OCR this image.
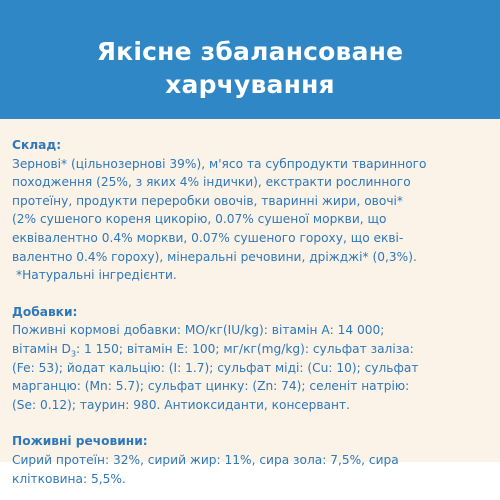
Якісне збалансоване
харчування
Склад:
Зернові* (цільнозернові 39%), м'ясо та субпродукти тваринного
походження (25%, з яких 4% індички), екстракти рослинного
протеїну, продукти переробки овочів, тваринні жири, овочі*
(2% сушеного кореня цикорію, 0.07% сушеної моркви, що
еквівалентно 0.4% моркви, 0.07% сушеного гороху, що екві-
валентно 0.4% гороху), мінеральні речовини, дріжджі* (0,3%).
*Натуральні інгредієнти.
Добавки:
Поживні кормові добавки: МО/кг(IU/kg): вітамін А: 14 000;
вітамін $D_3$: 1 150; вітамін Е: 100; мг/кг(mg/kg): сульфат заліза:
(Fe: 53); йодат кальцію: (I: 1.7); сульфат міді: (Cu: 10); сульфат
марганцю: (Mn: 5.7); сульфат цинку: (Zn: 74); селеніт натрію:
(Se: 0.12); таурин: 980. Антиоксиданти, консервант.
Поживні речовини:
Сирий протеїн: 32%, сирий жир: 11%, сира зола: 7,5%, сира
клітковина: 5,5%.
